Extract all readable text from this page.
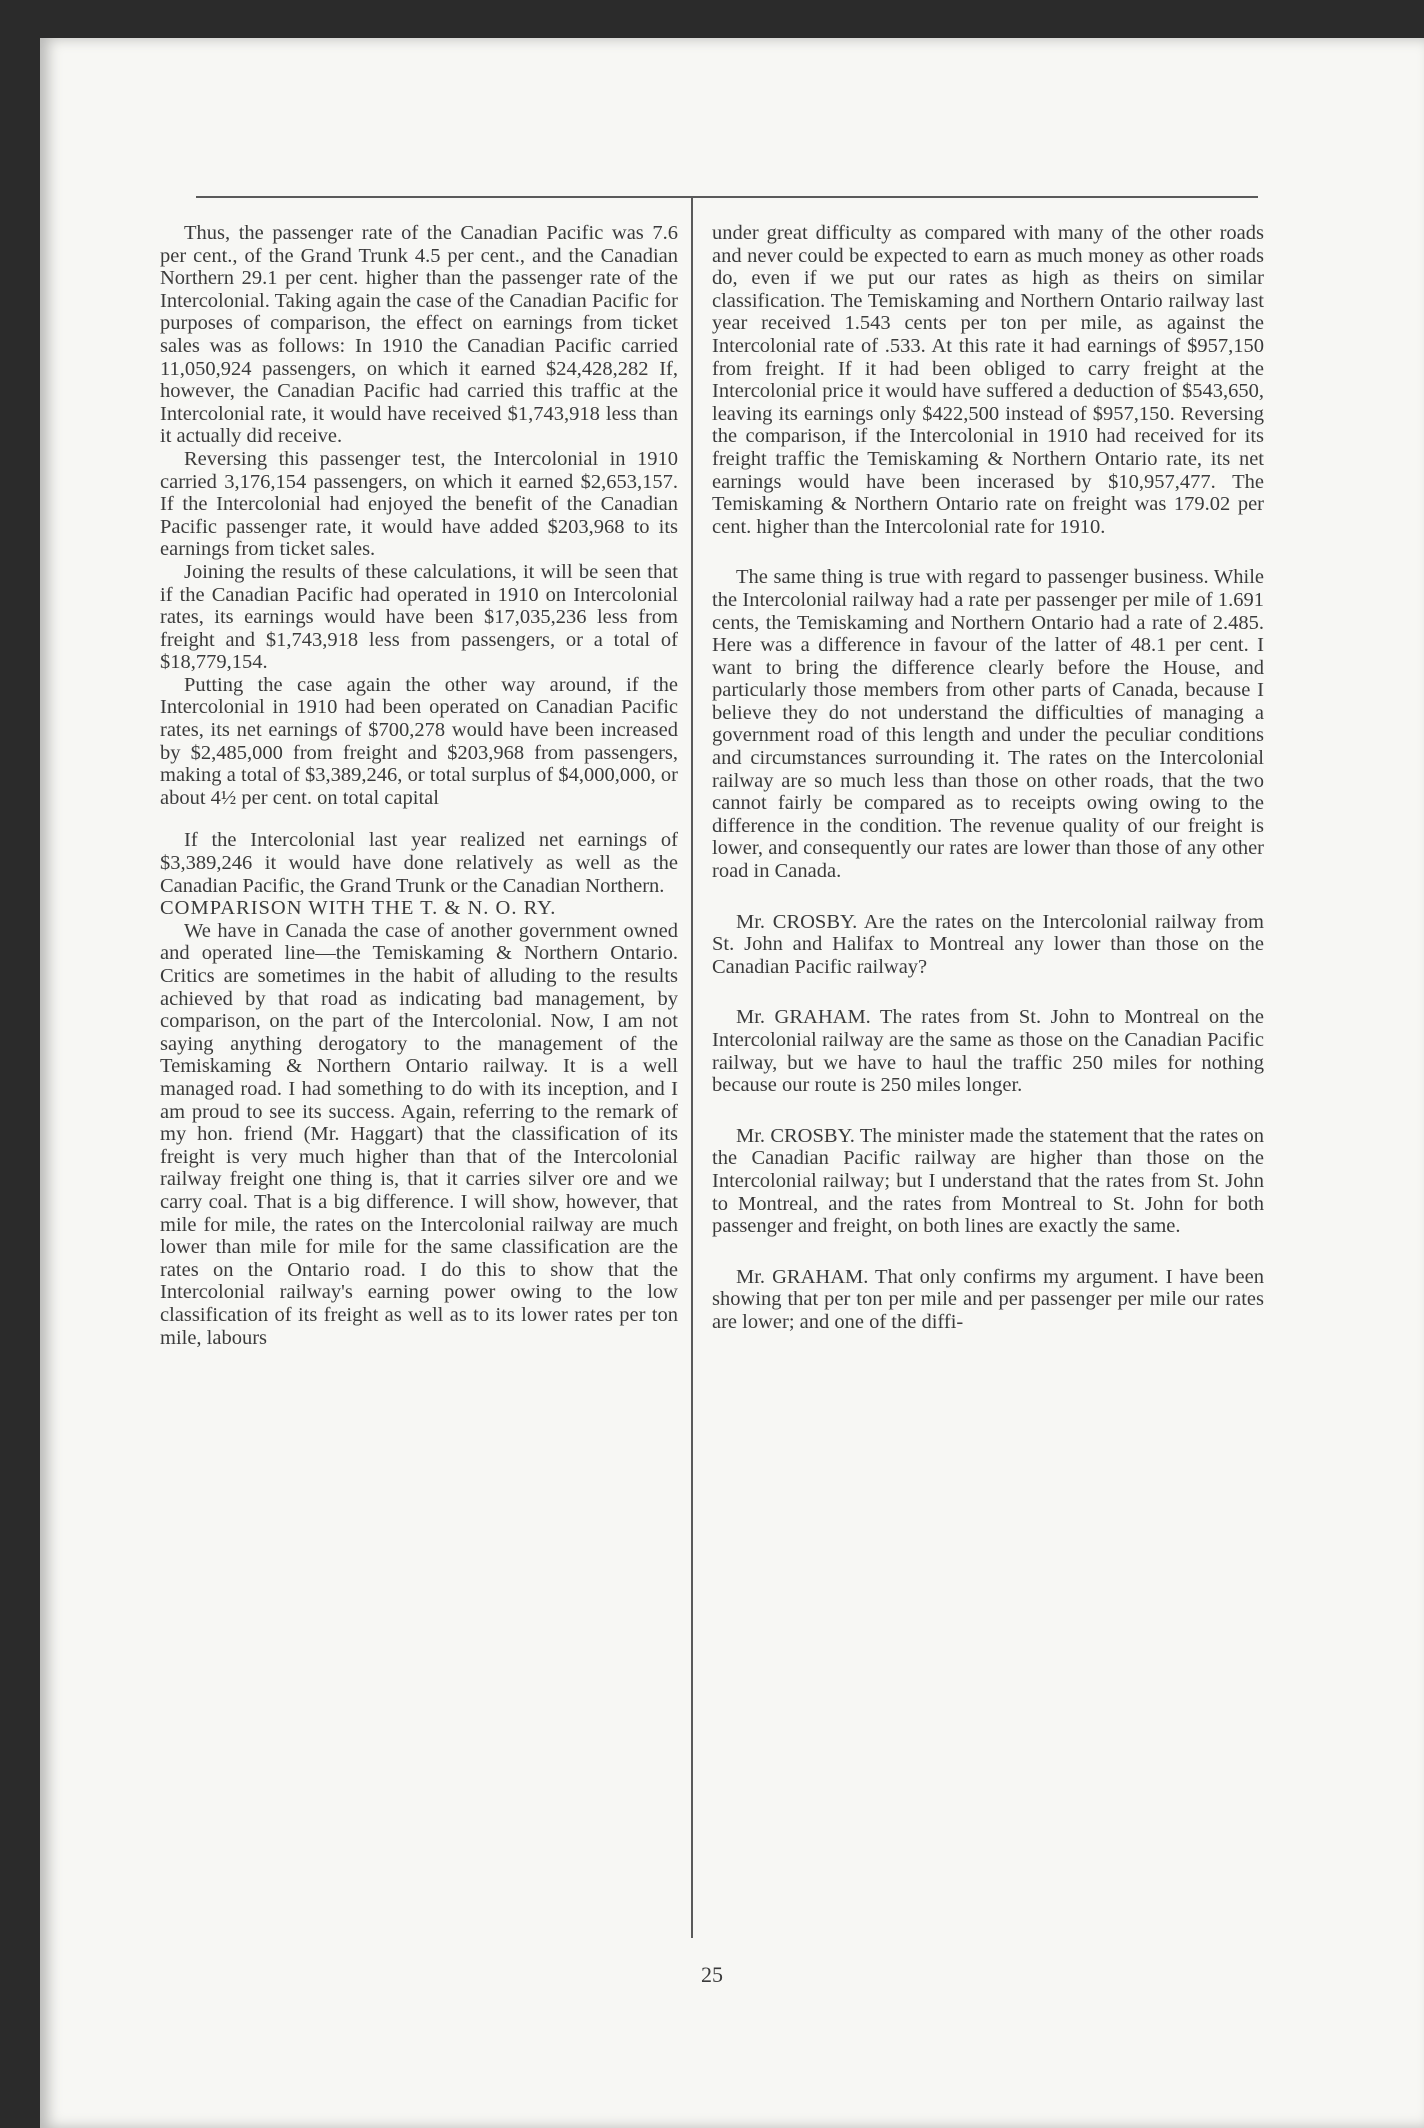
Thus, the passenger rate of the Canadian Pacific was 7.6 per cent., of the Grand Trunk 4.5 per cent., and the Canadian Northern 29.1 per cent. higher than the passenger rate of the Intercolonial. Taking again the case of the Canadian Pacific for purposes of comparison, the effect on earnings from ticket sales was as follows: In 1910 the Canadian Pacific carried 11,050,924 passengers, on which it earned $24,428,282 If, however, the Canadian Pacific had carried this traffic at the Intercolonial rate, it would have received $1,743,918 less than it actually did receive.

Reversing this passenger test, the Intercolonial in 1910 carried 3,176,154 passengers, on which it earned $2,653,157. If the Intercolonial had enjoyed the benefit of the Canadian Pacific passenger rate, it would have added $203,968 to its earnings from ticket sales.

Joining the results of these calculations, it will be seen that if the Canadian Pacific had operated in 1910 on Intercolonial rates, its earnings would have been $17,035,236 less from freight and $1,743,918 less from passengers, or a total of $18,779,154.

Putting the case again the other way around, if the Intercolonial in 1910 had been operated on Canadian Pacific rates, its net earnings of $700,278 would have been increased by $2,485,000 from freight and $203,968 from passengers, making a total of $3,389,246, or total surplus of $4,000,000, or about 4½ per cent. on total capital

If the Intercolonial last year realized net earnings of $3,389,246 it would have done relatively as well as the Canadian Pacific, the Grand Trunk or the Canadian Northern.

COMPARISON WITH THE T. & N. O. RY.

We have in Canada the case of another government owned and operated line—the Temiskaming & Northern Ontario. Critics are sometimes in the habit of alluding to the results achieved by that road as indicating bad management, by comparison, on the part of the Intercolonial. Now, I am not saying anything derogatory to the management of the Temiskaming & Northern Ontario railway. It is a well managed road. I had something to do with its inception, and I am proud to see its success. Again, referring to the remark of my hon. friend (Mr. Haggart) that the classification of its freight is very much higher than that of the Intercolonial railway freight one thing is, that it carries silver ore and we carry coal. That is a big difference. I will show, however, that mile for mile, the rates on the Intercolonial railway are much lower than mile for mile for the same classification are the rates on the Ontario road. I do this to show that the Intercolonial railway's earning power owing to the low classification of its freight as well as to its lower rates per ton mile, labours

under great difficulty as compared with many of the other roads and never could be expected to earn as much money as other roads do, even if we put our rates as high as theirs on similar classification. The Temiskaming and Northern Ontario railway last year received 1.543 cents per ton per mile, as against the Intercolonial rate of .533. At this rate it had earnings of $957,150 from freight. If it had been obliged to carry freight at the Intercolonial price it would have suffered a deduction of $543,650, leaving its earnings only $422,500 instead of $957,150. Reversing the comparison, if the Intercolonial in 1910 had received for its freight traffic the Temiskaming & Northern Ontario rate, its net earnings would have been incerased by $10,957,477. The Temiskaming & Northern Ontario rate on freight was 179.02 per cent. higher than the Intercolonial rate for 1910.

The same thing is true with regard to passenger business. While the Intercolonial railway had a rate per passenger per mile of 1.691 cents, the Temiskaming and Northern Ontario had a rate of 2.485. Here was a difference in favour of the latter of 48.1 per cent. I want to bring the difference clearly before the House, and particularly those members from other parts of Canada, because I believe they do not understand the difficulties of managing a government road of this length and under the peculiar conditions and circumstances surrounding it. The rates on the Intercolonial railway are so much less than those on other roads, that the two cannot fairly be compared as to receipts owing owing to the difference in the condition. The revenue quality of our freight is lower, and consequently our rates are lower than those of any other road in Canada.

Mr. CROSBY. Are the rates on the Intercolonial railway from St. John and Halifax to Montreal any lower than those on the Canadian Pacific railway?

Mr. GRAHAM. The rates from St. John to Montreal on the Intercolonial railway are the same as those on the Canadian Pacific railway, but we have to haul the traffic 250 miles for nothing because our route is 250 miles longer.

Mr. CROSBY. The minister made the statement that the rates on the Canadian Pacific railway are higher than those on the Intercolonial railway; but I understand that the rates from St. John to Montreal, and the rates from Montreal to St. John for both passenger and freight, on both lines are exactly the same.

Mr. GRAHAM. That only confirms my argument. I have been showing that per ton per mile and per passenger per mile our rates are lower; and one of the diffi-

25
